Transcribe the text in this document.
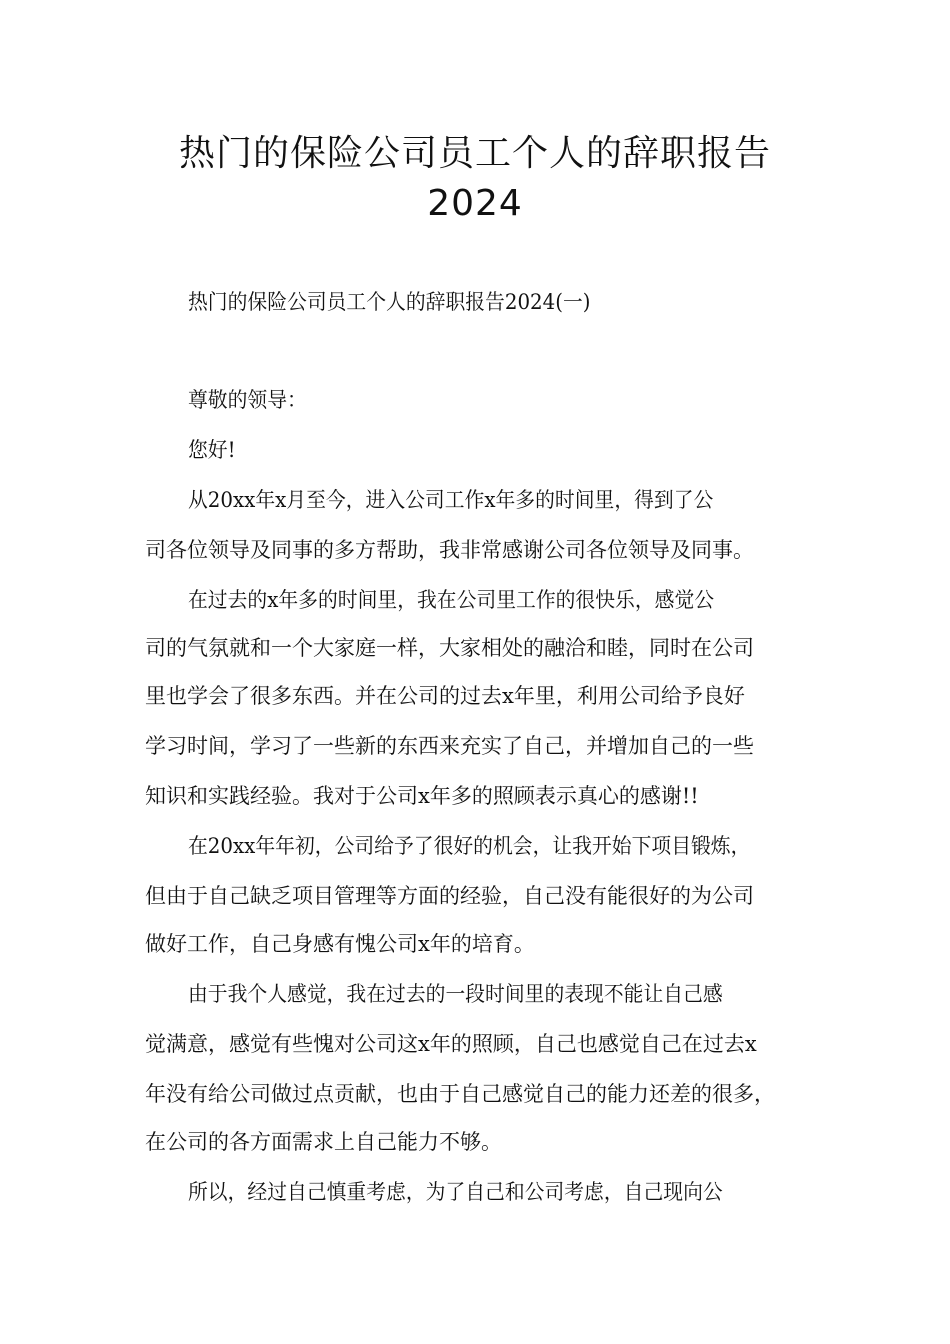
热门的保险公司员工个人的辞职报告
2024
热门的保险公司员工个人的辞职报告2024(一)
尊敬的领导：
您好!
从20xx年x月至今，进入公司工作x年多的时间里，得到了公
司各位领导及同事的多方帮助，我非常感谢公司各位领导及同事。
在过去的x年多的时间里，我在公司里工作的很快乐，感觉公
司的气氛就和一个大家庭一样，大家相处的融洽和睦，同时在公司
里也学会了很多东西。并在公司的过去x年里，利用公司给予良好
学习时间，学习了一些新的东西来充实了自己，并增加自己的一些
知识和实践经验。我对于公司x年多的照顾表示真心的感谢!!
在20xx年年初，公司给予了很好的机会，让我开始下项目锻炼，
但由于自己缺乏项目管理等方面的经验，自己没有能很好的为公司
做好工作，自己身感有愧公司x年的培育。
由于我个人感觉，我在过去的一段时间里的表现不能让自己感
觉满意，感觉有些愧对公司这x年的照顾，自己也感觉自己在过去x
年没有给公司做过点贡献，也由于自己感觉自己的能力还差的很多，
在公司的各方面需求上自己能力不够。
所以，经过自己慎重考虑，为了自己和公司考虑，自己现向公
